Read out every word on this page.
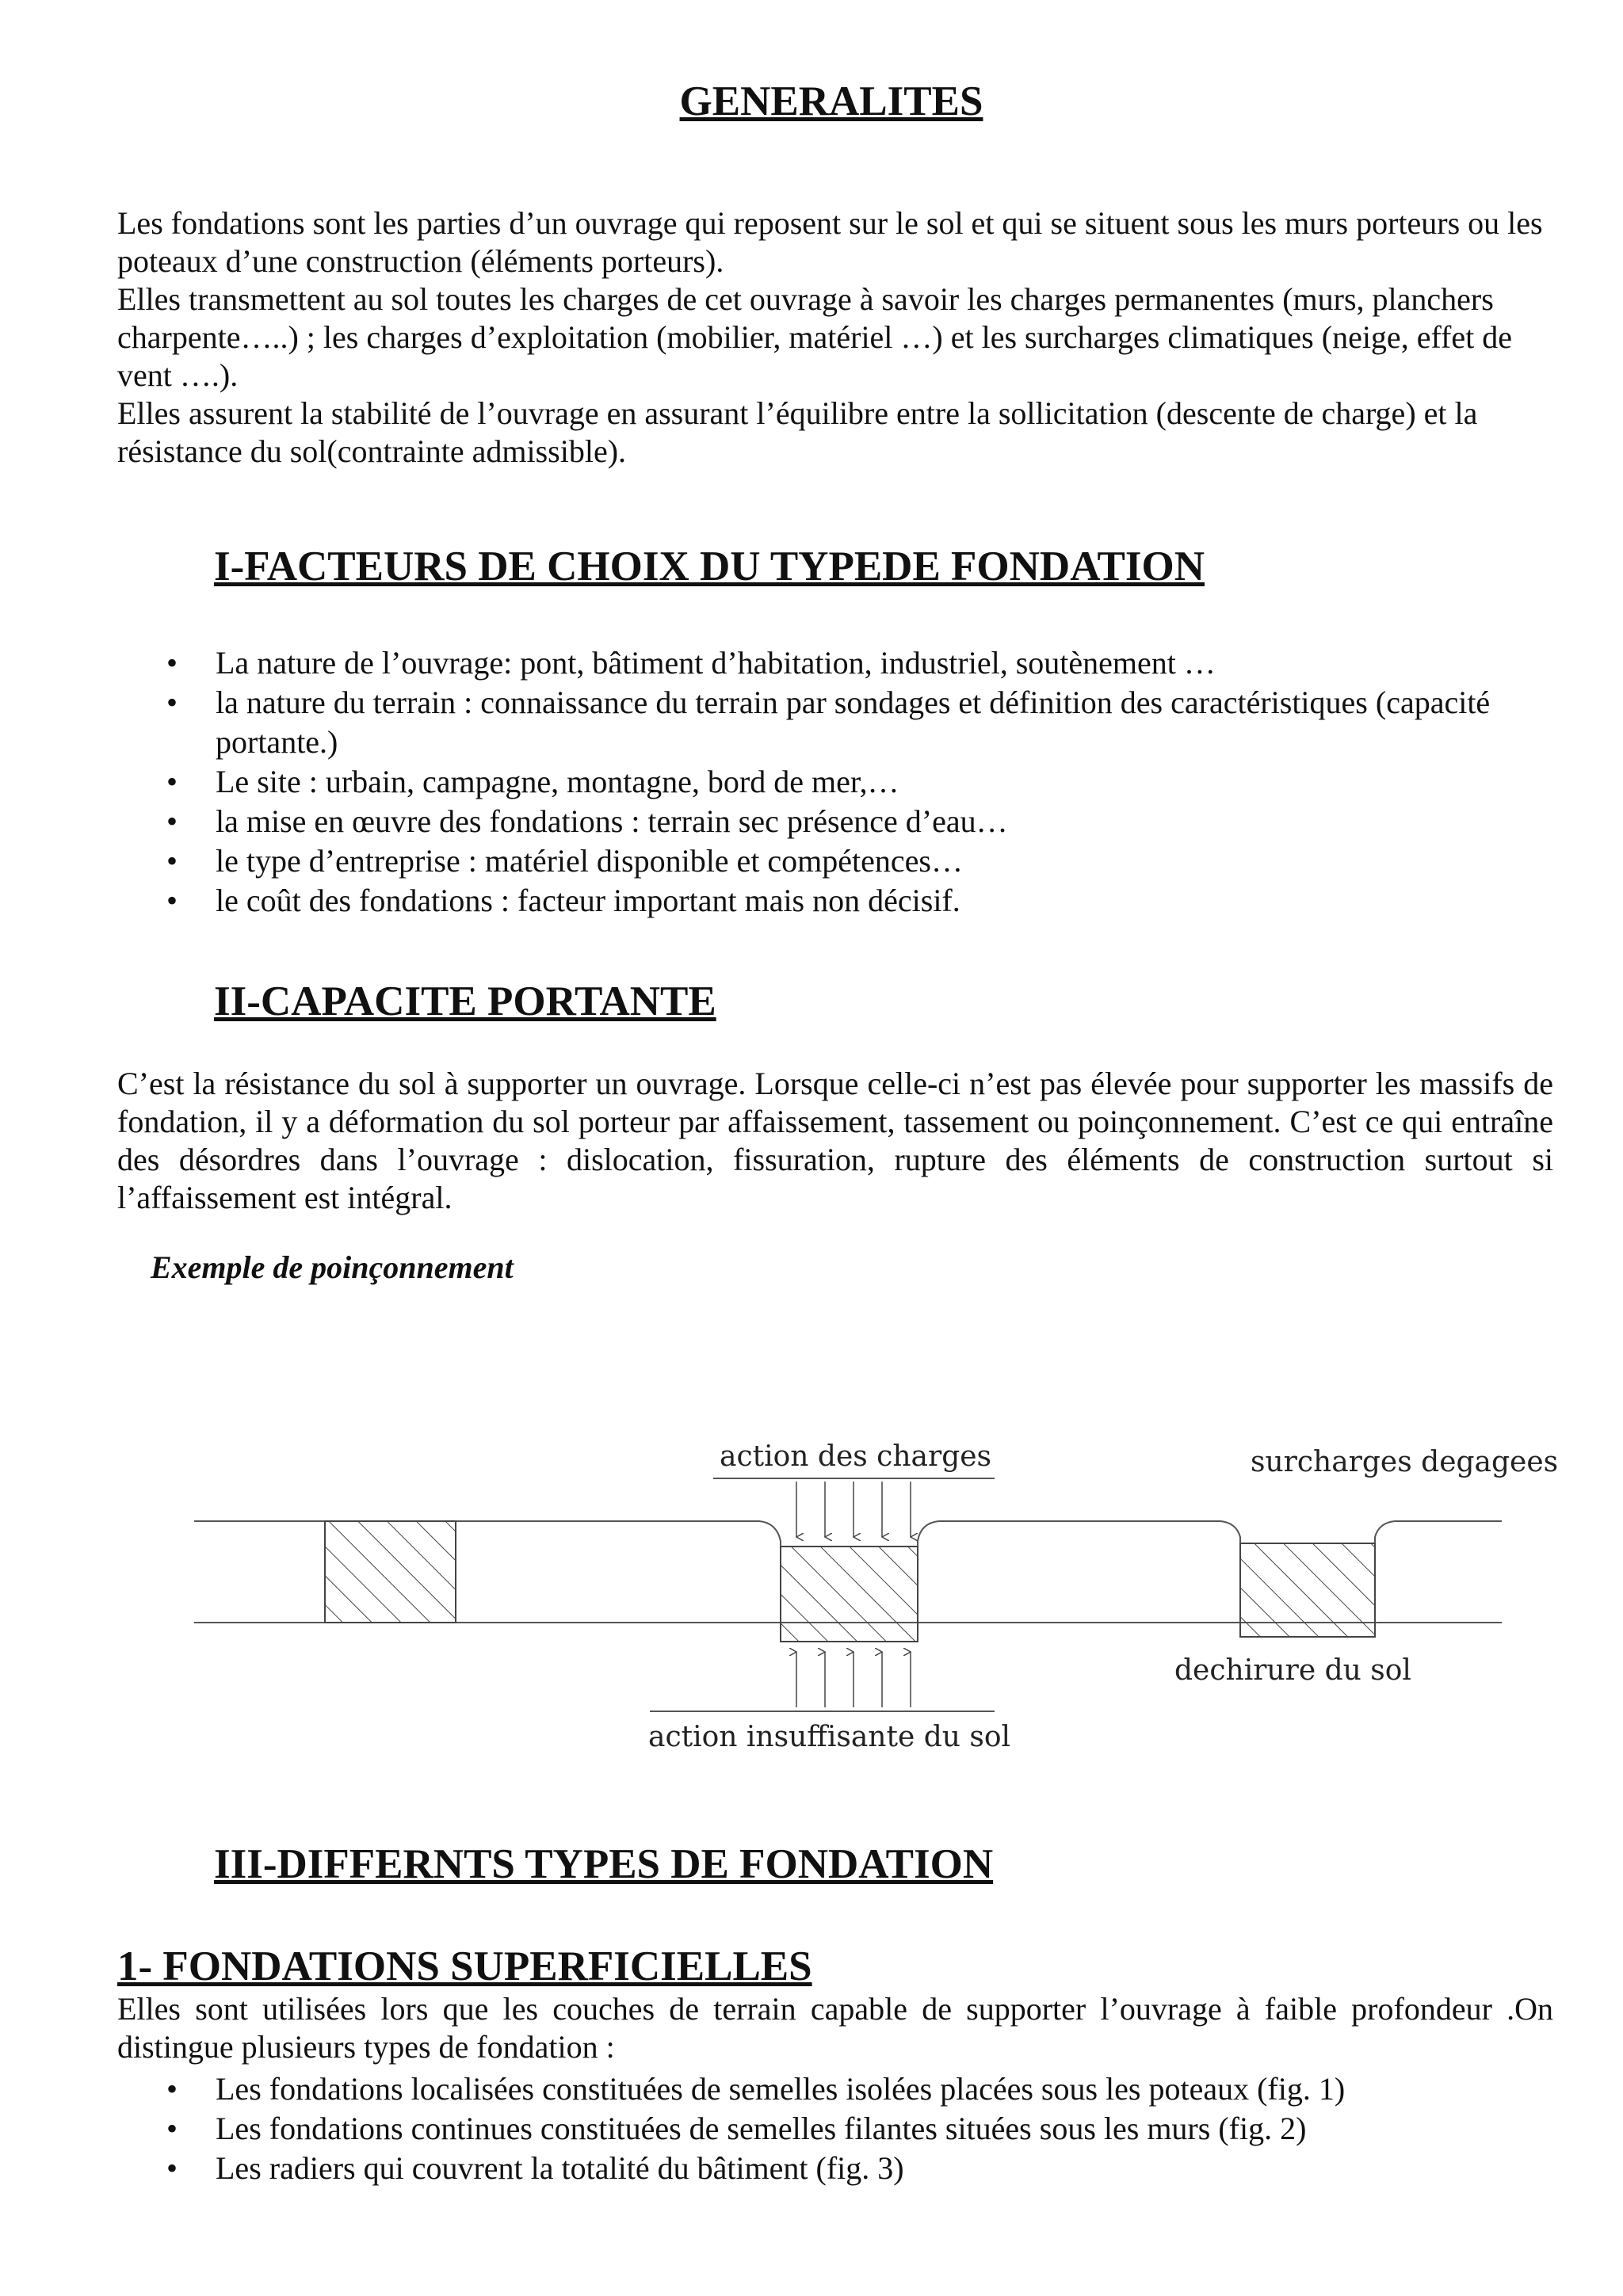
GENERALITES

Les fondations sont les parties d’un ouvrage qui reposent sur le sol et qui se situent sous les murs porteurs ou les poteaux d’une construction (éléments porteurs).

Elles transmettent au sol toutes les charges de cet ouvrage à savoir les charges permanentes (murs, planchers charpente…..) ; les charges d’exploitation (mobilier, matériel …) et les surcharges climatiques (neige, effet de vent ….).

Elles assurent la stabilité de l’ouvrage en assurant l’équilibre entre la sollicitation (descente de charge) et la résistance du sol(contrainte admissible).

I-FACTEURS DE CHOIX DU TYPEDE FONDATION
• La nature de l’ouvrage: pont, bâtiment d’habitation, industriel, soutènement …
• la nature du terrain : connaissance du terrain par sondages et définition des caractéristiques (capacité portante.)
• Le site : urbain, campagne, montagne, bord de mer,…
• la mise en œuvre des fondations : terrain sec présence d’eau…
• le type d’entreprise : matériel disponible et compétences…
• le coût des fondations : facteur important mais non décisif.
II-CAPACITE PORTANTE
C’est la résistance du sol à supporter un ouvrage. Lorsque celle-ci n’est pas élevée pour supporter les massifs de fondation, il y a déformation du sol porteur par affaissement, tassement ou poinçonnement. C’est ce qui entraîne des désordres dans l’ouvrage : dislocation, fissuration, rupture des éléments de construction surtout si l’affaissement est intégral.
Exemple de poinçonnement
action des charges	surcharges degagees
dechirure du sol
action insuffisante du sol
III-DIFFERNTS TYPES DE FONDATION
1- FONDATIONS SUPERFICIELLES
Elles sont utilisées lors que les couches de terrain capable de supporter l’ouvrage à faible profondeur .On distingue plusieurs types de fondation :
• Les fondations localisées constituées de semelles isolées placées sous les poteaux (fig. 1)
• Les fondations continues constituées de semelles filantes situées sous les murs (fig. 2)
• Les radiers qui couvrent la totalité du bâtiment (fig. 3)
